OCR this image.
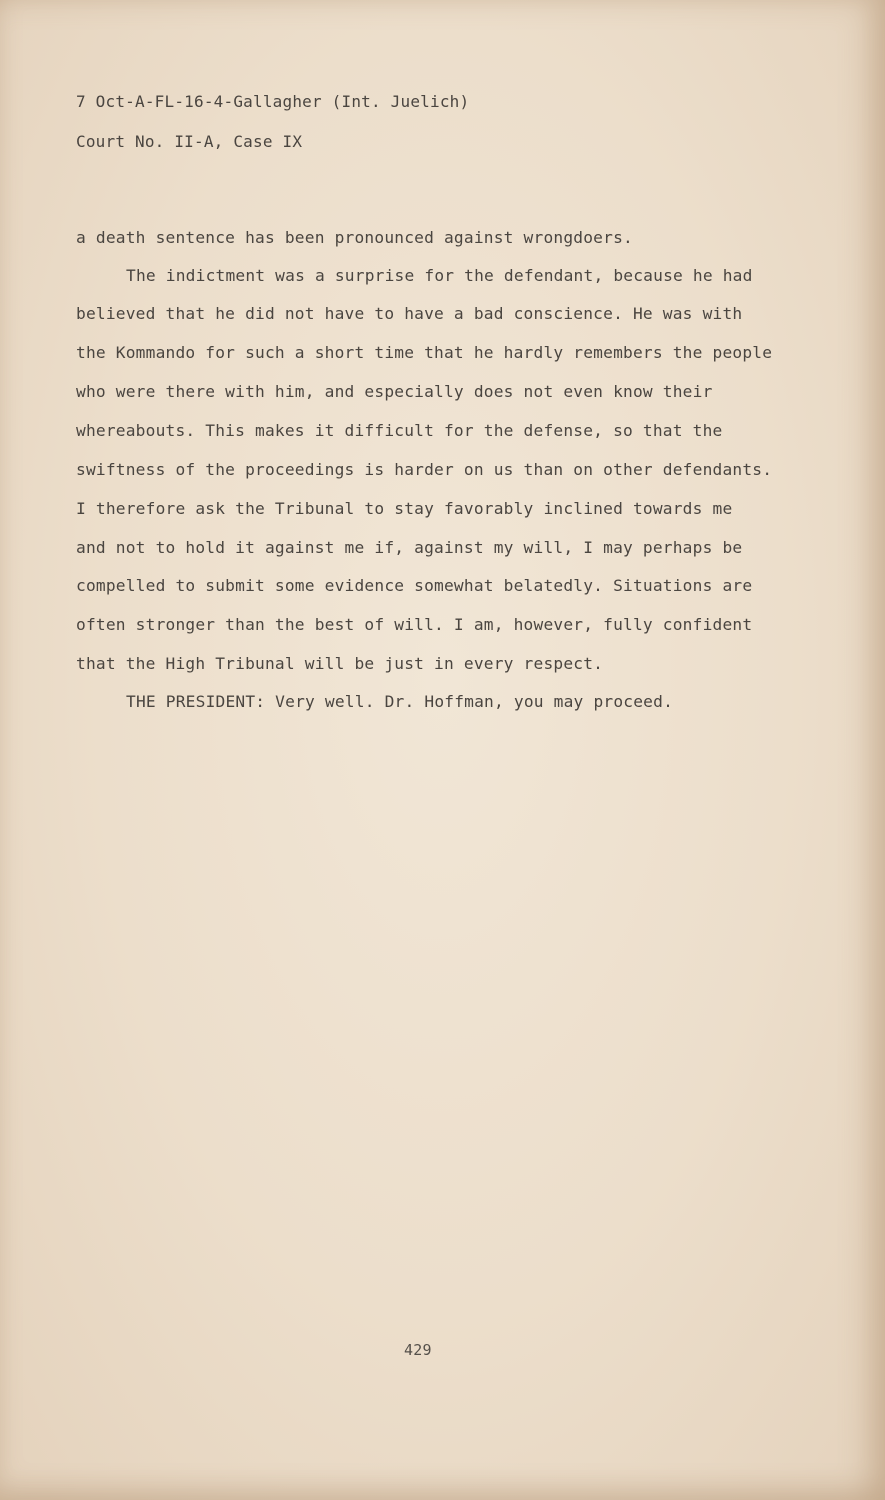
7 Oct-A-FL-16-4-Gallagher (Int. Juelich)
Court No. II-A, Case IX
a death sentence has been pronounced against wrongdoers.
The indictment was a surprise for the defendant, because he had
believed that he did not have to have a bad conscience. He was with
the Kommando for such a short time that he hardly remembers the people
who were there with him, and especially does not even know their
whereabouts. This makes it difficult for the defense, so that the
swiftness of the proceedings is harder on us than on other defendants.
I therefore ask the Tribunal to stay favorably inclined towards me
and not to hold it against me if, against my will, I may perhaps be
compelled to submit some evidence somewhat belatedly. Situations are
often stronger than the best of will. I am, however, fully confident
that the High Tribunal will be just in every respect.
THE PRESIDENT: Very well. Dr. Hoffman, you may proceed.
429
